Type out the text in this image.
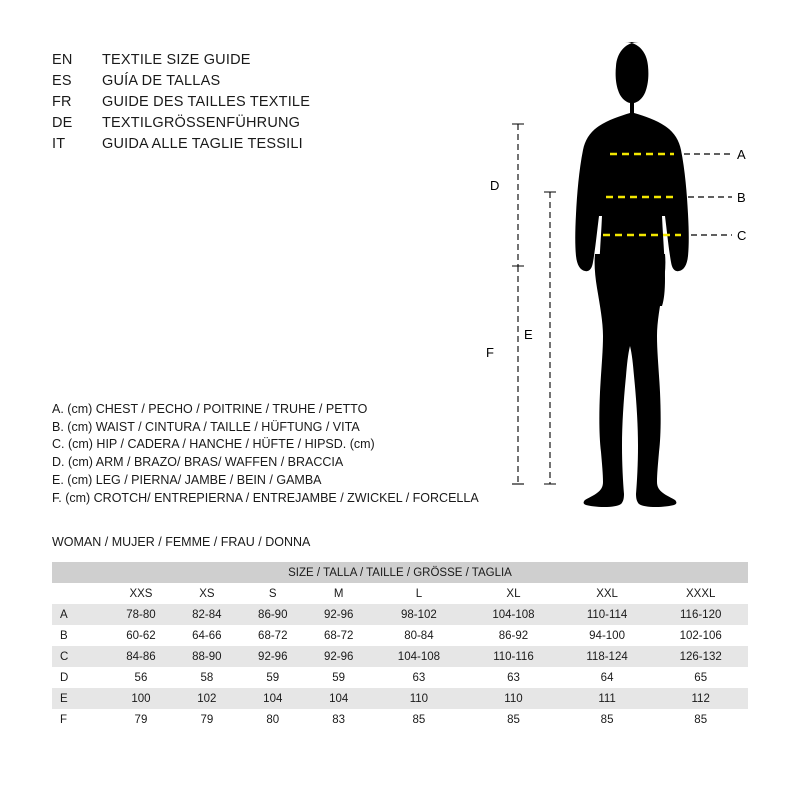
EN	TEXTILE SIZE GUIDE
ES	GUÍA DE TALLAS
FR	GUIDE DES TAILLES TEXTILE
DE	TEXTILGRÖSSENFÜHRUNG
IT	GUIDA ALLE TAGLIE TESSILI
A. (cm) CHEST / PECHO / POITRINE / TRUHE / PETTO
B. (cm) WAIST / CINTURA / TAILLE / HÜFTUNG / VITA
C. (cm) HIP / CADERA / HANCHE / HÜFTE / HIPSD. (cm)
D. (cm) ARM / BRAZO/ BRAS/ WAFFEN / BRACCIA
E. (cm) LEG / PIERNA/ JAMBE / BEIN / GAMBA
F. (cm) CROTCH/ ENTREPIERNA / ENTREJAMBE / ZWICKEL / FORCELLA
WOMAN / MUJER / FEMME / FRAU / DONNA
A
B
C
D
E
F
SIZE / TALLA / TAILLE / GRÖSSE / TAGLIA								
	XXS	XS	S	M	L	XL	XXL	XXXL
A	78-80	82-84	86-90	92-96	98-102	104-108	110-114	116-120
B	60-62	64-66	68-72	68-72	80-84	86-92	94-100	102-106
C	84-86	88-90	92-96	92-96	104-108	110-116	118-124	126-132
D	56	58	59	59	63	63	64	65
E	100	102	104	104	110	110	111	112
F	79	79	80	83	85	85	85	85
